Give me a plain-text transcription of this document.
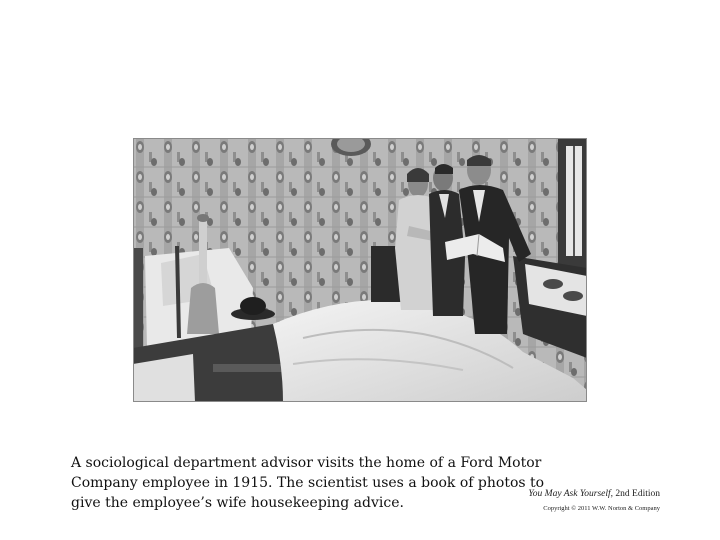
A sociological department advisor visits the home of a Ford Motor
Company employee in 1915. The scientist uses a book of photos to
give the employee’s wife housekeeping advice.

You May Ask Yourself, 2nd Edition
Copyright © 2011 W.W. Norton & Company
